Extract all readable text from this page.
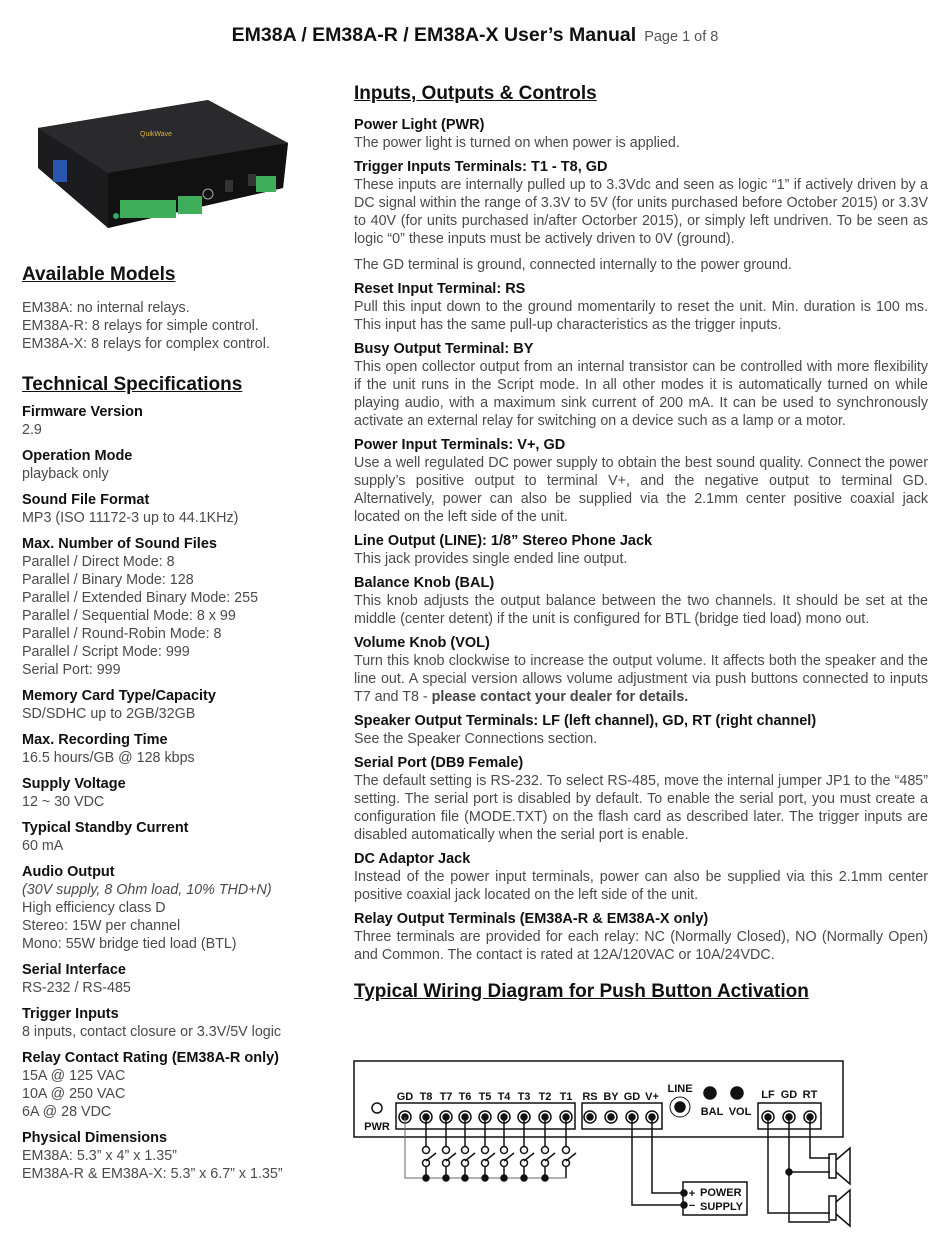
EM38A / EM38A-R / EM38A-X User’s Manual Page 1 of 8
QuikWave
Available Models
EM38A: no internal relays.
EM38A-R: 8 relays for simple control.
EM38A-X: 8 relays for complex control.
Technical Specifications
Firmware Version
2.9
Operation Mode
playback only
Sound File Format
MP3 (ISO 11172-3 up to 44.1KHz)
Max. Number of Sound Files
Parallel / Direct Mode: 8
Parallel / Binary Mode: 128
Parallel / Extended Binary Mode: 255
Parallel / Sequential Mode: 8 x 99
Parallel / Round-Robin Mode: 8
Parallel / Script Mode: 999
Serial Port: 999
Memory Card Type/Capacity
SD/SDHC up to 2GB/32GB
Max. Recording Time
16.5 hours/GB @ 128 kbps
Supply Voltage
12 ~ 30 VDC
Typical Standby Current
60 mA
Audio Output
(30V supply, 8 Ohm load, 10% THD+N)
High efficiency class D
Stereo: 15W per channel
Mono: 55W bridge tied load (BTL)
Serial Interface
RS-232 / RS-485
Trigger Inputs
8 inputs, contact closure or 3.3V/5V logic
Relay Contact Rating (EM38A-R only)
15A @ 125 VAC
10A @ 250 VAC
6A @ 28 VDC
Physical Dimensions
EM38A: 5.3” x 4” x 1.35”
EM38A-R & EM38A-X: 5.3” x 6.7” x 1.35”
Inputs, Outputs & Controls
Power Light (PWR)

The power light is turned on when power is applied.

Trigger Inputs Terminals: T1 - T8, GD

These inputs are internally pulled up to 3.3Vdc and seen as logic “1” if actively driven by a DC signal within the range of 3.3V to 5V (for units purchased before October 2015) or 3.3V to 40V (for units purchased in/after Octorber 2015), or simply left undriven. To be seen as logic “0” these inputs must be actively driven to 0V (ground).

The GD terminal is ground, connected internally to the power ground.

Reset Input Terminal: RS

Pull this input down to the ground momentarily to reset the unit. Min. duration is 100 ms. This input has the same pull-up characteristics as the trigger inputs.

Busy Output Terminal: BY

This open collector output from an internal transistor can be controlled with more flexibility if the unit runs in the Script mode. In all other modes it is automatically turned on while playing audio, with a maximum sink current of 200 mA. It can be used to synchronously activate an external relay for switching on a device such as a lamp or a motor.

Power Input Terminals: V+, GD

Use a well regulated DC power supply to obtain the best sound quality. Connect the power supply’s positive output to terminal V+, and the negative output to terminal GD. Alternatively, power can also be supplied via the 2.1mm center positive coaxial jack located on the left side of the unit.

Line Output (LINE): 1/8” Stereo Phone Jack

This jack provides single ended line output.

Balance Knob (BAL)

This knob adjusts the output balance between the two channels. It should be set at the middle (center detent) if the unit is configured for BTL (bridge tied load) mono out.

Volume Knob (VOL)

Turn this knob clockwise to increase the output volume. It affects both the speaker and the line out. A special version allows volume adjustment via push buttons connected to inputs T7 and T8 - please contact your dealer for details.

Speaker Output Terminals: LF (left channel), GD, RT (right channel)

See the Speaker Connections section.

Serial Port (DB9 Female)

The default setting is RS-232. To select RS-485, move the internal jumper JP1 to the “485” setting. The serial port is disabled by default. To enable the serial port, you must create a configuration file (MODE.TXT) on the flash card as described later. The trigger inputs are disabled automatically when the serial port is enable.

DC Adaptor Jack

Instead of the power input terminals, power can also be supplied via this 2.1mm center positive coaxial jack located on the left side of the unit.

Relay Output Terminals (EM38A-R & EM38A-X only)

Three terminals are provided for each relay: NC (Normally Closed), NO (Normally Open) and Common. The contact is rated at 12A/120VAC or 10A/24VDC.

Typical Wiring Diagram for Push Button Activation
PWR
GD T8 T7 T6 T5 T4 T3 T2 T1 RS BY GD V+
LINE
BAL VOL
LF GD RT
+
−
POWER
SUPPLY
